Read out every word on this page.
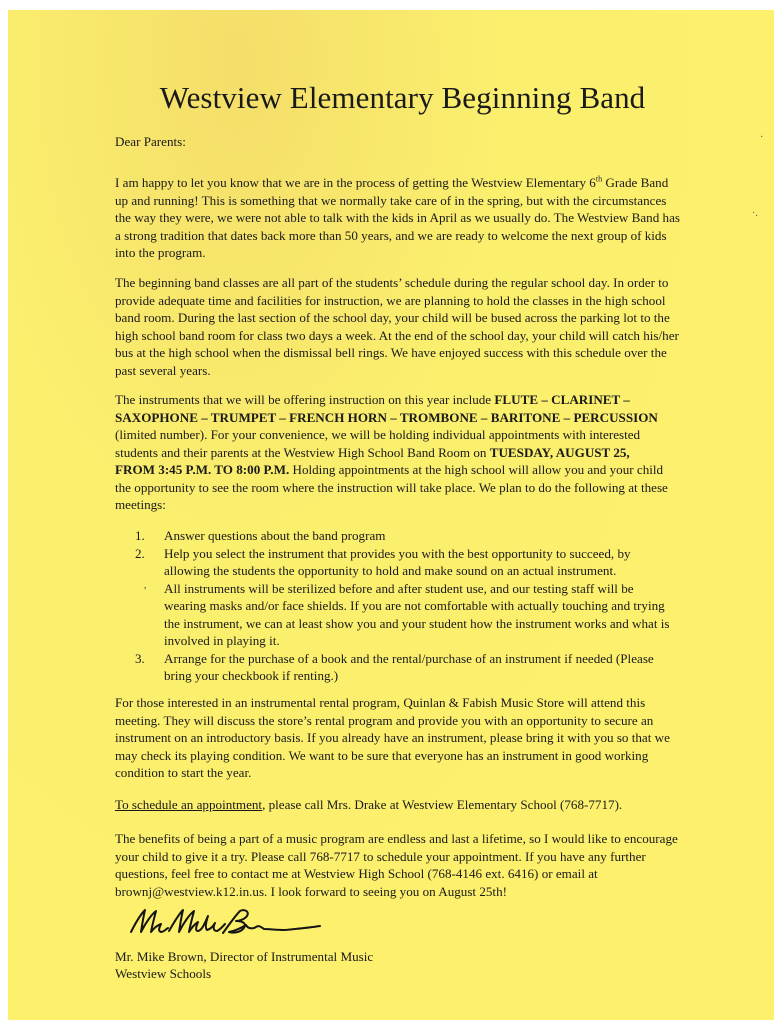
·.
·
Westview Elementary Beginning Band

Dear Parents:

I am happy to let you know that we are in the process of getting the Westview Elementary 6th Grade Band up and running! This is something that we normally take care of in the spring, but with the circumstances the way they were, we were not able to talk with the kids in April as we usually do. The Westview Band has a strong tradition that dates back more than 50 years, and we are ready to welcome the next group of kids into the program.

The beginning band classes are all part of the students’ schedule during the regular school day. In order to provide adequate time and facilities for instruction, we are planning to hold the classes in the high school band room. During the last section of the school day, your child will be bused across the parking lot to the high school band room for class two days a week. At the end of the school day, your child will catch his/her bus at the high school when the dismissal bell rings. We have enjoyed success with this schedule over the past several years.

The instruments that we will be offering instruction on this year include FLUTE – CLARINET – SAXOPHONE – TRUMPET – FRENCH HORN – TROMBONE – BARITONE – PERCUSSION (limited number). For your convenience, we will be holding individual appointments with interested students and their parents at the Westview High School Band Room on TUESDAY, AUGUST 25, FROM 3:45 P.M. TO 8:00 P.M. Holding appointments at the high school will allow you and your child the opportunity to see the room where the instruction will take place. We plan to do the following at these meetings:

1. Answer questions about the band program
2. Help you select the instrument that provides you with the best opportunity to succeed, by allowing the students the opportunity to hold and make sound on an actual instrument.
, All instruments will be sterilized before and after student use, and our testing staff will be wearing masks and/or face shields. If you are not comfortable with actually touching and trying the instrument, we can at least show you and your student how the instrument works and what is involved in playing it.
3. Arrange for the purchase of a book and the rental/purchase of an instrument if needed (Please bring your checkbook if renting.)

For those interested in an instrumental rental program, Quinlan & Fabish Music Store will attend this meeting. They will discuss the store’s rental program and provide you with an opportunity to secure an instrument on an introductory basis. If you already have an instrument, please bring it with you so that we may check its playing condition. We want to be sure that everyone has an instrument in good working condition to start the year.

To schedule an appointment, please call Mrs. Drake at Westview Elementary School (768-7717).

The benefits of being a part of a music program are endless and last a lifetime, so I would like to encourage your child to give it a try. Please call 768-7717 to schedule your appointment. If you have any further questions, feel free to contact me at Westview High School (768-4146 ext. 6416) or email at brownj@westview.k12.in.us. I look forward to seeing you on August 25th!

Mr. Mike Brown, Director of Instrumental Music

Westview Schools
